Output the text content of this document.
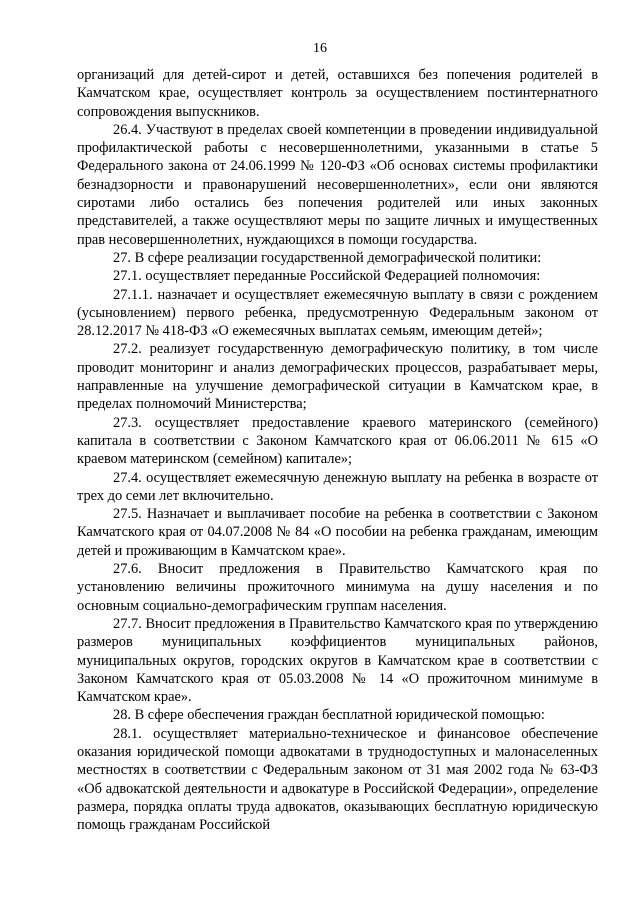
16

организаций для детей-сирот и детей, оставшихся без попечения родителей в Камчатском крае, осуществляет контроль за осуществлением постинтернатного сопровождения выпускников.

26.4. Участвуют в пределах своей компетенции в проведении индивидуальной профилактической работы с несовершеннолетними, указанными в статье 5 Федерального закона от 24.06.1999 № 120-ФЗ «Об основах системы профилактики безнадзорности и правонарушений несовершеннолетних», если они являются сиротами либо остались без попечения родителей или иных законных представителей, а также осуществляют меры по защите личных и имущественных прав несовершеннолетних, нуждающихся в помощи государства.

27. В сфере реализации государственной демографической политики:

27.1. осуществляет переданные Российской Федерацией полномочия:

27.1.1. назначает и осуществляет ежемесячную выплату в связи с рождением (усыновлением) первого ребенка, предусмотренную Федеральным законом от 28.12.2017 № 418-ФЗ «О ежемесячных выплатах семьям, имеющим детей»;

27.2. реализует государственную демографическую политику, в том числе проводит мониторинг и анализ демографических процессов, разрабатывает меры, направленные на улучшение демографической ситуации в Камчатском крае, в пределах полномочий Министерства;

27.3. осуществляет предоставление краевого материнского (семейного) капитала в соответствии с Законом Камчатского края от 06.06.2011 № 615 «О краевом материнском (семейном) капитале»;

27.4. осуществляет ежемесячную денежную выплату на ребенка в возрасте от трех до семи лет включительно.

27.5. Назначает и выплачивает пособие на ребенка в соответствии с Законом Камчатского края от 04.07.2008 № 84 «О пособии на ребенка гражданам, имеющим детей и проживающим в Камчатском крае».

27.6. Вносит предложения в Правительство Камчатского края по установлению величины прожиточного минимума на душу населения и по основным социально-демографическим группам населения.

27.7. Вносит предложения в Правительство Камчатского края по утверждению размеров муниципальных коэффициентов муниципальных районов, муниципальных округов, городских округов в Камчатском крае в соответствии с Законом Камчатского края от 05.03.2008 № 14 «О прожиточном минимуме в Камчатском крае».

28. В сфере обеспечения граждан бесплатной юридической помощью:

28.1. осуществляет материально-техническое и финансовое обеспечение оказания юридической помощи адвокатами в труднодоступных и малонаселенных местностях в соответствии с Федеральным законом от 31 мая 2002 года № 63-ФЗ «Об адвокатской деятельности и адвокатуре в Российской Федерации», определение размера, порядка оплаты труда адвокатов, оказывающих бесплатную юридическую помощь гражданам Российской
